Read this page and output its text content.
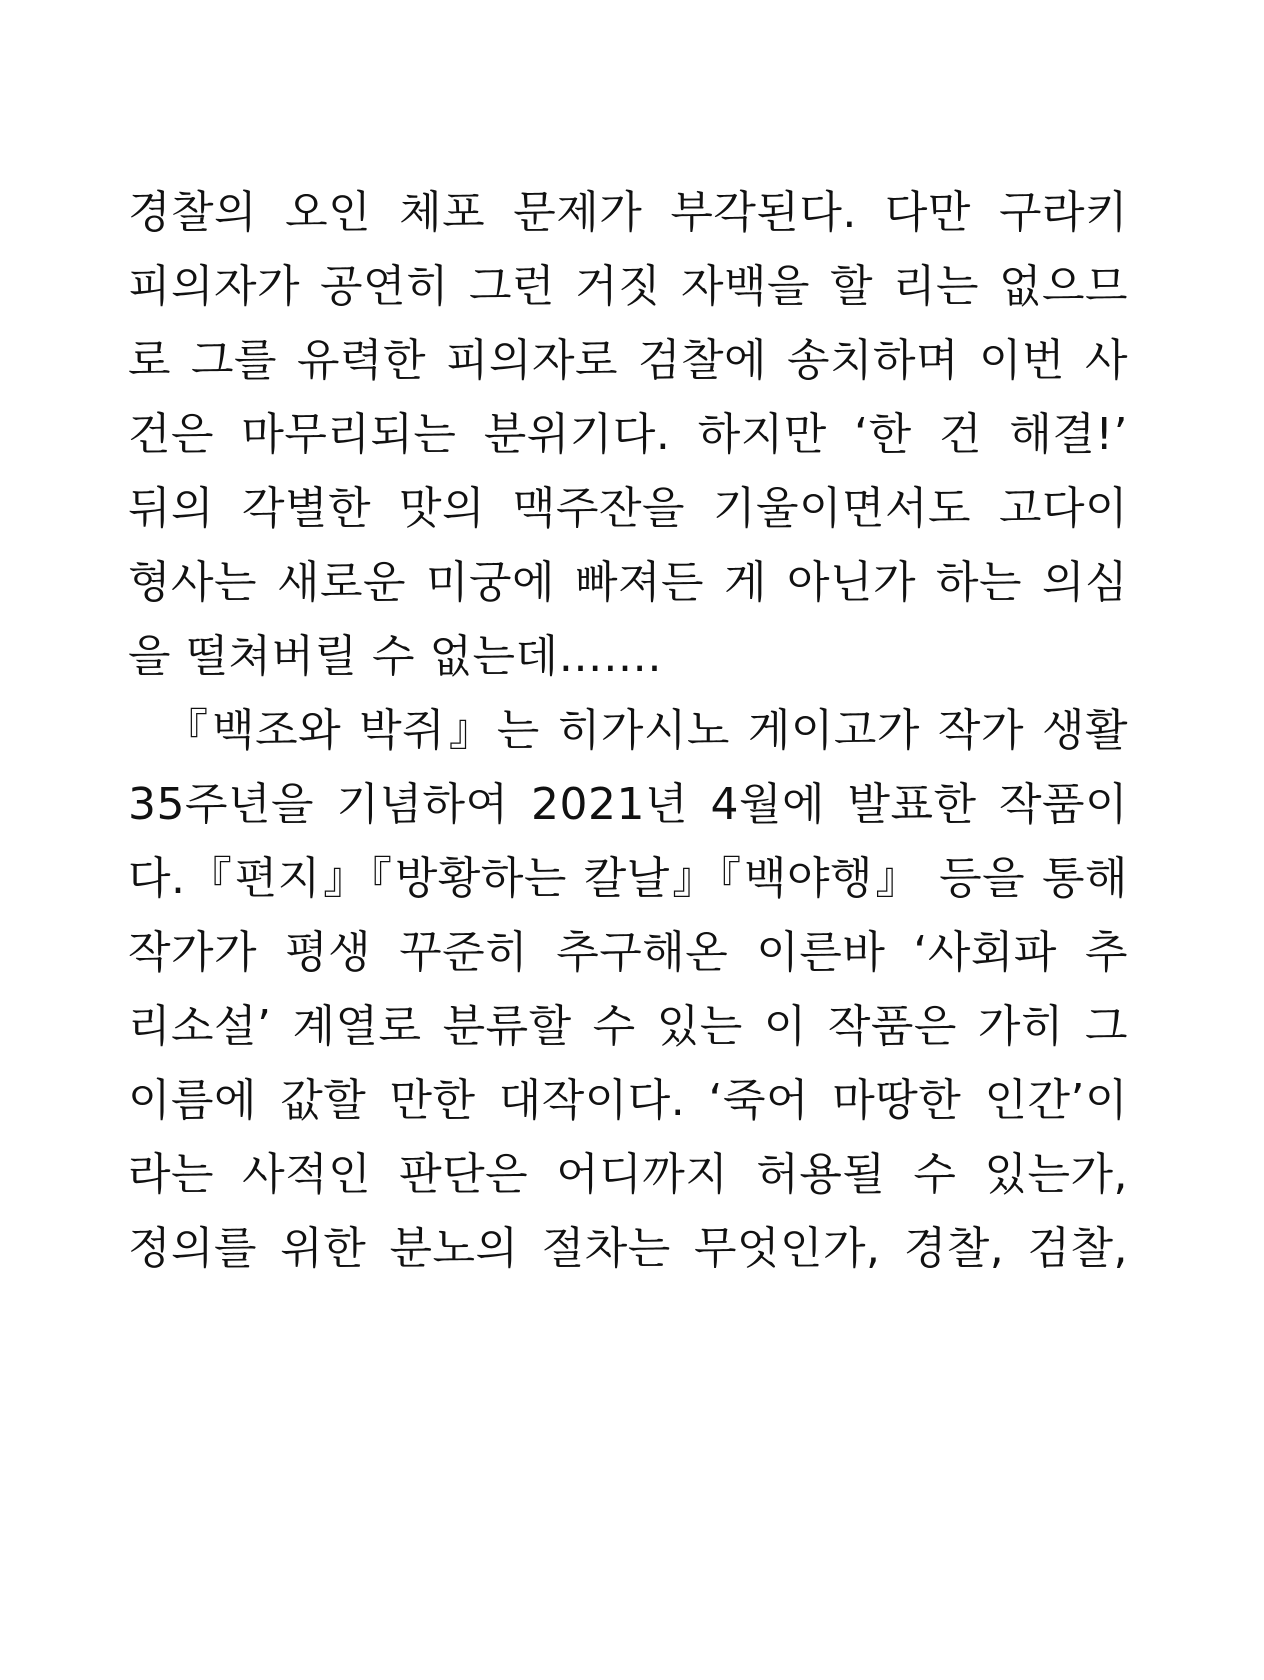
경찰의 오인 체포 문제가 부각된다. 다만 구라키
피의자가 공연히 그런 거짓 자백을 할 리는 없으므
로 그를 유력한 피의자로 검찰에 송치하며 이번 사
건은 마무리되는 분위기다. 하지만 ‘한 건 해결!’
뒤의 각별한 맛의 맥주잔을 기울이면서도 고다이
형사는 새로운 미궁에 빠져든 게 아닌가 하는 의심
을 떨쳐버릴 수 없는데…….
『백조와 박쥐』는 히가시노 게이고가 작가 생활
35주년을 기념하여 2021년 4월에 발표한 작품이
다.『편지』『방황하는 칼날』『백야행』 등을 통해
작가가 평생 꾸준히 추구해온 이른바 ‘사회파 추
리소설’ 계열로 분류할 수 있는 이 작품은 가히 그
이름에 값할 만한 대작이다. ‘죽어 마땅한 인간’이
라는 사적인 판단은 어디까지 허용될 수 있는가,
정의를 위한 분노의 절차는 무엇인가, 경찰, 검찰,
